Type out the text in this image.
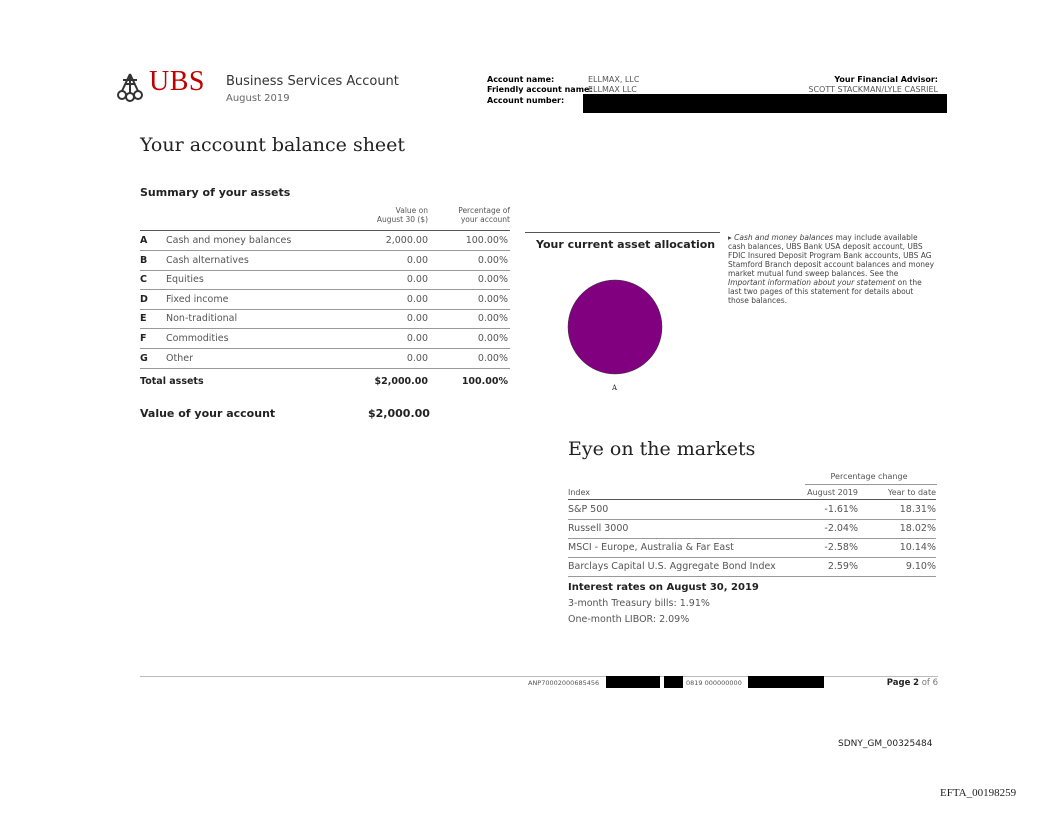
UBS Business Services Account
August 2019
Account name:	ELLMAX, LLC
Friendly account name:
ELLMAX LLC
Account number:
Your Financial Advisor:
SCOTT STACKMAN/LYLE CASRIEL
Your account balance sheet
Summary of your assets
Value on
August 30 ($)
Percentage of
your account
A Cash and money balances	2,000.00	100.00%
B Cash alternatives	0.00	0.00%
C Equities	0.00	0.00%
D Fixed income	0.00	0.00%
E Non-traditional	0.00	0.00%
F Commodities	0.00	0.00%
G Other	0.00	0.00%
Total assets	$2,000.00	100.00%
Value of your account	$2,000.00
Your current asset allocation
A
▸ Cash and money balances may include available cash balances, UBS Bank USA deposit account, UBS FDIC Insured Deposit Program Bank accounts, UBS AG Stamford Branch deposit account balances and money market mutual fund sweep balances. See the Important information about your statement on the last two pages of this statement for details about those balances.
Eye on the markets
Percentage change
Index	August 2019	Year to date
S&P 500	-1.61%	18.31%
Russell 3000	-2.04%	18.02%
MSCI - Europe, Australia & Far East	-2.58%	10.14%
Barclays Capital U.S. Aggregate Bond Index	2.59%	9.10%
Interest rates on August 30, 2019
3-month Treasury bills: 1.91%
One-month LIBOR: 2.09%
ANP70002000685456	0819 000000000	Page 2 of 6
SDNY_GM_00325484
EFTA_00198259
